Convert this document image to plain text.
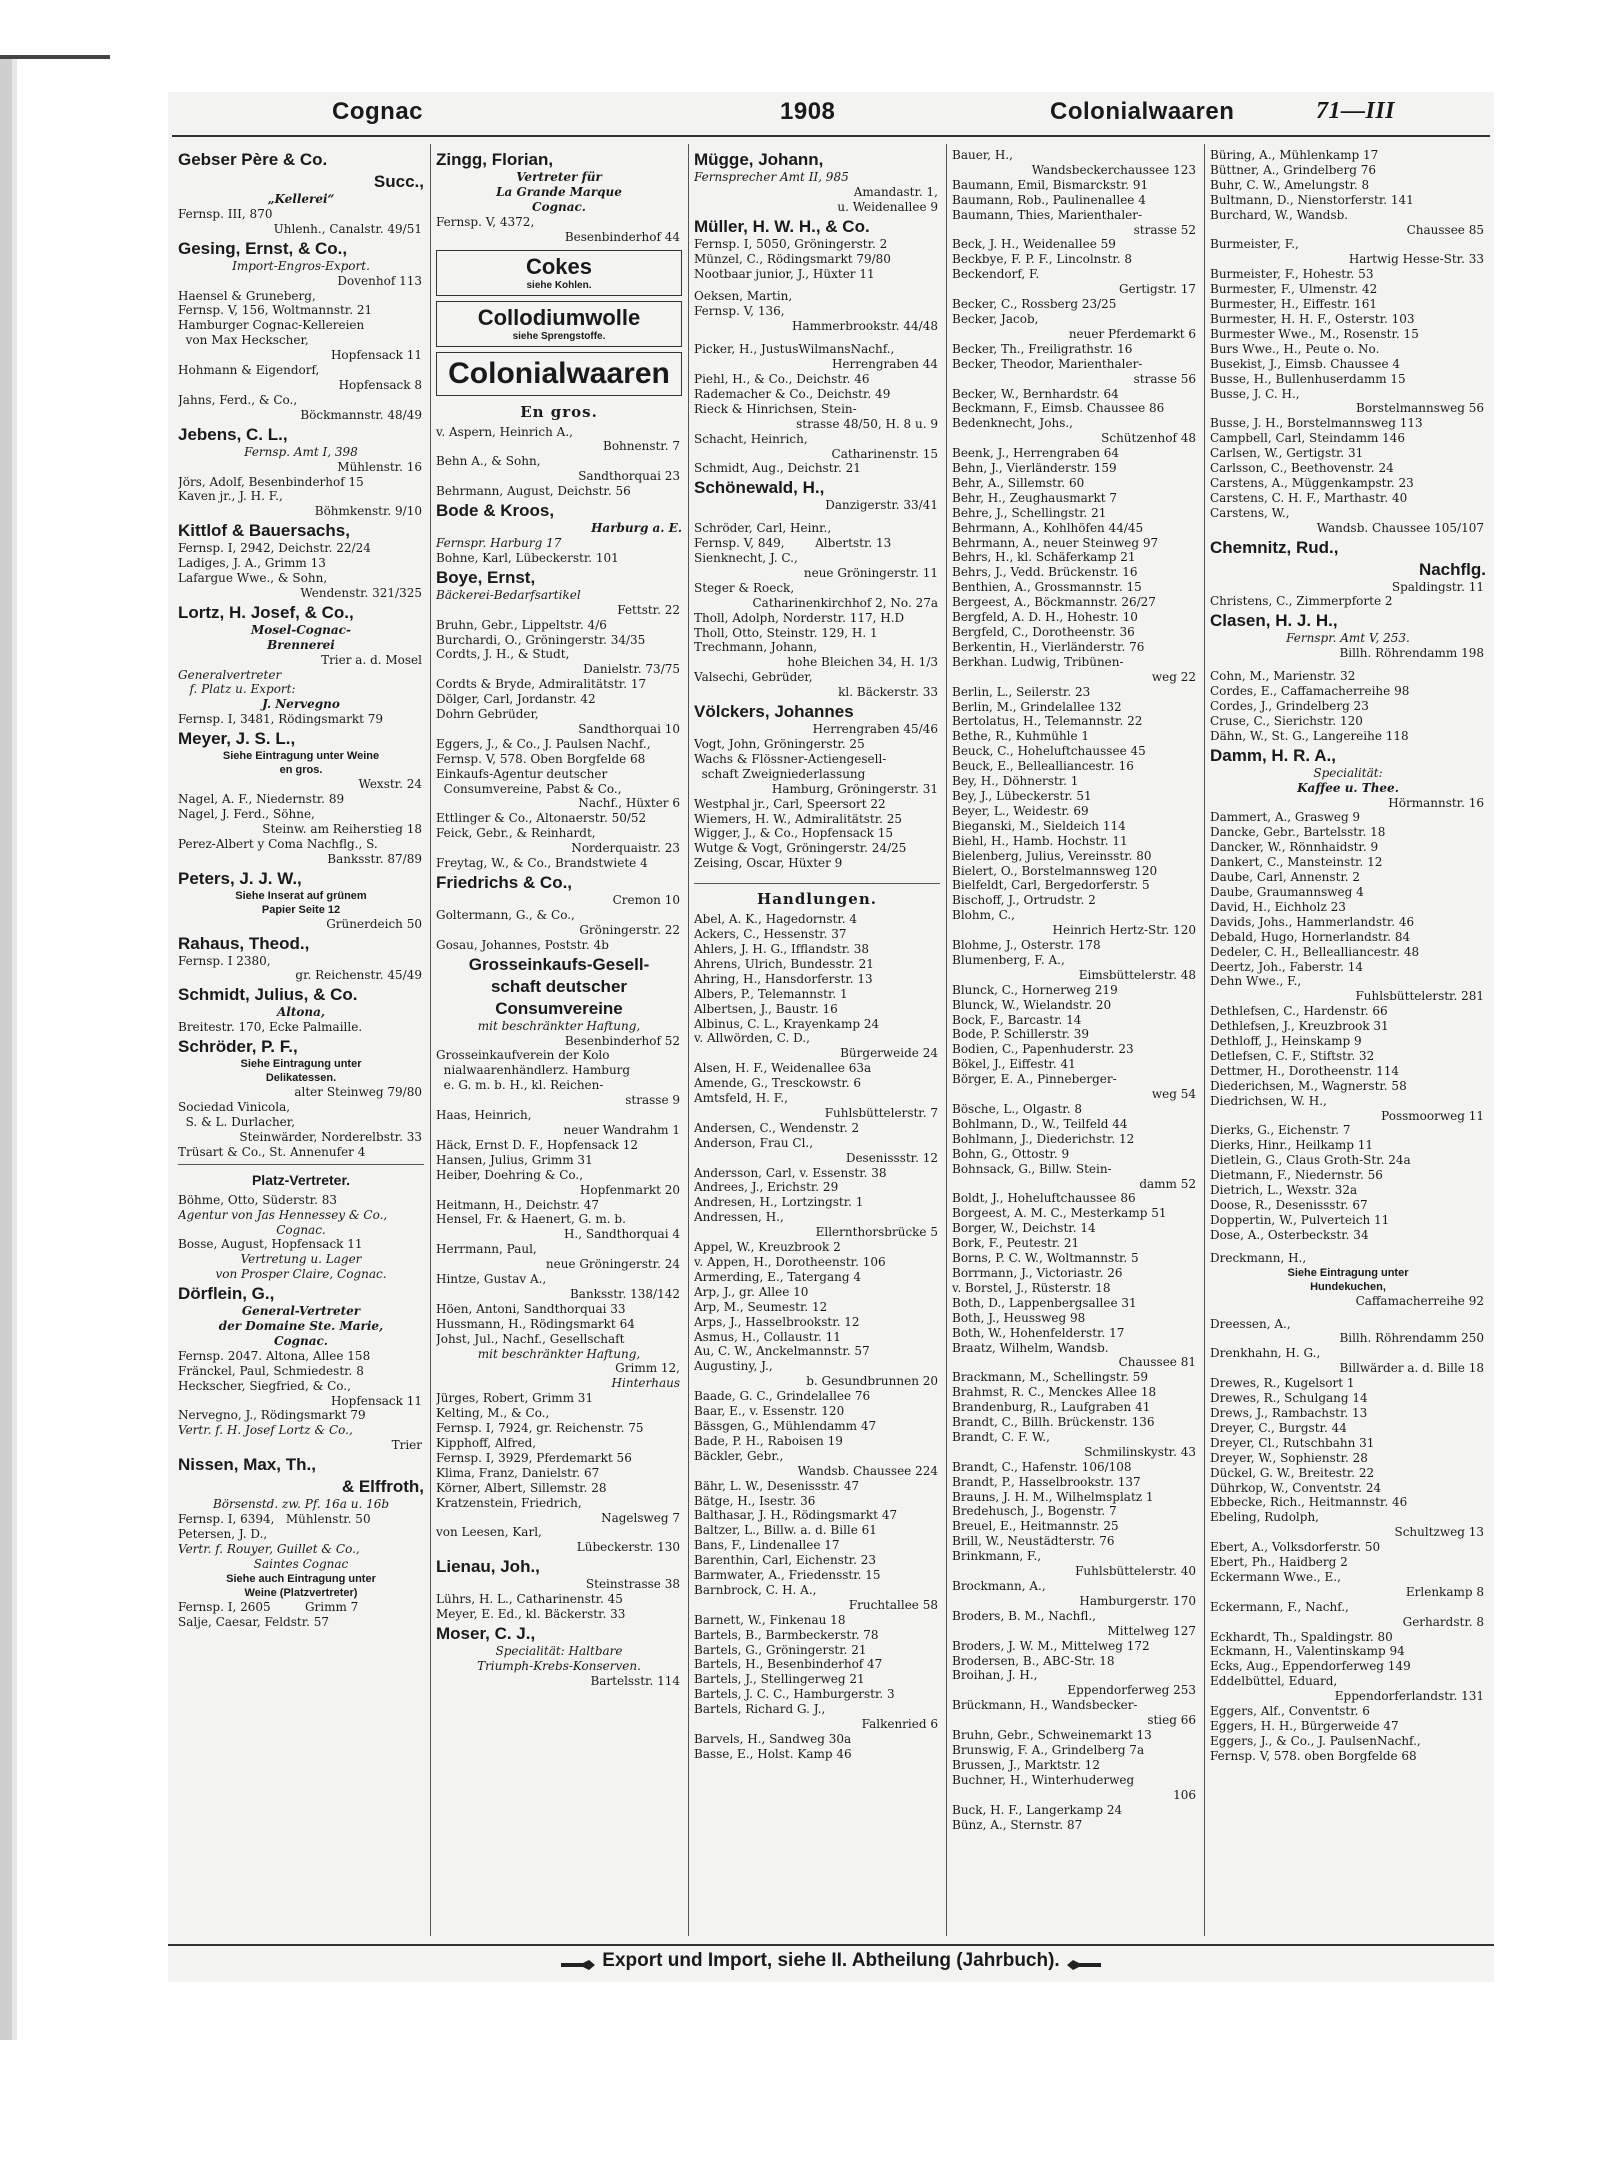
Cognac	1908	Colonialwaaren	71—III
Gebser Père & Co.
Succ.,
„Kellerei“
Fernsp. III, 870
Uhlenh., Canalstr. 49/51
Gesing, Ernst, & Co.,
Import-Engros-Export.
Dovenhof 113
Haensel & Gruneberg,
Fernsp. V, 156, Woltmannstr. 21
Hamburger Cognac-Kellereien
von Max Heckscher,
Hopfensack 11
Hohmann & Eigendorf,
Hopfensack 8
Jahns, Ferd., & Co.,
Böckmannstr. 48/49
Jebens, C. L.,
Fernsp. Amt I, 398
Mühlenstr. 16
Jörs, Adolf, Besenbinderhof 15
Kaven jr., J. H. F.,
Böhmkenstr. 9/10
Kittlof & Bauersachs,
Fernsp. I, 2942, Deichstr. 22/24
Ladiges, J. A., Grimm 13
Lafargue Wwe., & Sohn,
Wendenstr. 321/325
Lortz, H. Josef, & Co.,
Mosel-Cognac-
Brennerei
Trier a. d. Mosel
Generalvertreter
f. Platz u. Export:
J. Nervegno
Fernsp. I, 3481, Rödingsmarkt 79
Meyer, J. S. L.,
Siehe Eintragung unter Weine
en gros.
Wexstr. 24
Nagel, A. F., Niedernstr. 89
Nagel, J. Ferd., Söhne,
Steinw. am Reiherstieg 18
Perez-Albert y Coma Nachflg., S.
Banksstr. 87/89
Peters, J. J. W.,
Siehe Inserat auf grünem
Papier Seite 12
Grünerdeich 50
Rahaus, Theod.,
Fernsp. I 2380,
gr. Reichenstr. 45/49
Schmidt, Julius, & Co.
Altona,
Breitestr. 170, Ecke Palmaille.
Schröder, P. F.,
Siehe Eintragung unter
Delikatessen.
alter Steinweg 79/80
Sociedad Vinicola,
S. & L. Durlacher,
Steinwärder, Norderelbstr. 33
Trüsart & Co., St. Annenufer 4
Platz-Vertreter.
Böhme, Otto, Süderstr. 83
Agentur von Jas Hennessey & Co.,
Cognac.
Bosse, August, Hopfensack 11
Vertretung u. Lager
von Prosper Claire, Cognac.
Dörflein, G.,
General-Vertreter
der Domaine Ste. Marie,
Cognac.
Fernsp. 2047. Altona, Allee 158
Fränckel, Paul, Schmiedestr. 8
Heckscher, Siegfried, & Co.,
Hopfensack 11
Nervegno, J., Rödingsmarkt 79
Vertr. f. H. Josef Lortz & Co.,
Trier
Nissen, Max, Th.,
& Elffroth,
Börsenstd. zw. Pf. 16a u. 16b
Fernsp. I, 6394,   Mühlenstr. 50
Petersen, J. D.,
Vertr. f. Rouyer, Guillet & Co.,
Saintes Cognac
Siehe auch Eintragung unter
Weine (Platzvertreter)
Fernsp. I, 2605         Grimm 7
Salje, Caesar, Feldstr. 57
Zingg, Florian,
Vertreter für
La Grande Marque
Cognac.
Fernsp. V, 4372,
Besenbinderhof 44
Cokes
siehe Kohlen.
Collodiumwolle
siehe Sprengstoffe.
Colonialwaaren
En gros.
v. Aspern, Heinrich A.,
Bohnenstr. 7
Behn A., & Sohn,
Sandthorquai 23
Behrmann, August, Deichstr. 56
Bode & Kroos,
Harburg a. E.
Fernspr. Harburg 17
Bohne, Karl, Lübeckerstr. 101
Boye, Ernst,
Bäckerei-Bedarfsartikel
Fettstr. 22
Bruhn, Gebr., Lippeltstr. 4/6
Burchardi, O., Gröningerstr. 34/35
Cordts, J. H., & Studt,
Danielstr. 73/75
Cordts & Bryde, Admiralitätstr. 17
Dölger, Carl, Jordanstr. 42
Dohrn Gebrüder,
Sandthorquai 10
Eggers, J., & Co., J. Paulsen Nachf.,
Fernsp. V, 578. Oben Borgfelde 68
Einkaufs-Agentur deutscher
Consumvereine, Pabst & Co.,
Nachf., Hüxter 6
Ettlinger & Co., Altonaerstr. 50/52
Feick, Gebr., & Reinhardt,
Norderquaistr. 23
Freytag, W., & Co., Brandstwiete 4
Friedrichs & Co.,
Cremon 10
Goltermann, G., & Co.,
Gröningerstr. 22
Gosau, Johannes, Poststr. 4b
Grosseinkaufs-Gesell-
schaft deutscher
Consumvereine
mit beschränkter Haftung,
Besenbinderhof 52
Grosseinkaufverein der Kolo
nialwaarenhändlerz. Hamburg
e. G. m. b. H., kl. Reichen-
strasse 9
Haas, Heinrich,
neuer Wandrahm 1
Häck, Ernst D. F., Hopfensack 12
Hansen, Julius, Grimm 31
Heiber, Doehring & Co.,
Hopfenmarkt 20
Heitmann, H., Deichstr. 47
Hensel, Fr. & Haenert, G. m. b.
H., Sandthorquai 4
Herrmann, Paul,
neue Gröningerstr. 24
Hintze, Gustav A.,
Banksstr. 138/142
Höen, Antoni, Sandthorquai 33
Hussmann, H., Rödingsmarkt 64
Johst, Jul., Nachf., Gesellschaft
mit beschränkter Haftung,
Grimm 12,
Hinterhaus
Jürges, Robert, Grimm 31
Kelting, M., & Co.,
Fernsp. I, 7924, gr. Reichenstr. 75
Kipphoff, Alfred,
Fernsp. I, 3929, Pferdemarkt 56
Klima, Franz, Danielstr. 67
Körner, Albert, Sillemstr. 28
Kratzenstein, Friedrich,
Nagelsweg 7
von Leesen, Karl,
Lübeckerstr. 130
Lienau, Joh.,
Steinstrasse 38
Lührs, H. L., Catharinenstr. 45
Meyer, E. Ed., kl. Bäckerstr. 33
Moser, C. J.,
Specialität: Haltbare
Triumph-Krebs-Konserven.
Bartelsstr. 114
Mügge, Johann,
Fernsprecher Amt II, 985
Amandastr. 1,
u. Weidenallee 9
Müller, H. W. H., & Co.
Fernsp. I, 5050, Gröningerstr. 2
Münzel, C., Rödingsmarkt 79/80
Nootbaar junior, J., Hüxter 11
Oeksen, Martin,
Fernsp. V, 136,
Hammerbrookstr. 44/48
Picker, H., JustusWilmansNachf.,
Herrengraben 44
Piehl, H., & Co., Deichstr. 46
Rademacher & Co., Deichstr. 49
Rieck & Hinrichsen, Stein-
strasse 48/50, H. 8 u. 9
Schacht, Heinrich,
Catharinenstr. 15
Schmidt, Aug., Deichstr. 21
Schönewald, H.,
Danzigerstr. 33/41
Schröder, Carl, Heinr.,
Fernsp. V, 849,        Albertstr. 13
Sienknecht, J. C.,
neue Gröningerstr. 11
Steger & Roeck,
Catharinenkirchhof 2, No. 27a
Tholl, Adolph, Norderstr. 117, H.D
Tholl, Otto, Steinstr. 129, H. 1
Trechmann, Johann,
hohe Bleichen 34, H. 1/3
Valsechi, Gebrüder,
kl. Bäckerstr. 33
Völckers, Johannes
Herrengraben 45/46
Vogt, John, Gröningerstr. 25
Wachs & Flössner-Actiengesell-
schaft Zweigniederlassung
Hamburg, Gröningerstr. 31
Westphal jr., Carl, Speersort 22
Wiemers, H. W., Admiralitätstr. 25
Wigger, J., & Co., Hopfensack 15
Wutge & Vogt, Gröningerstr. 24/25
Zeising, Oscar, Hüxter 9
Handlungen.
Abel, A. K., Hagedornstr. 4
Ackers, C., Hessenstr. 37
Ahlers, J. H. G., Ifflandstr. 38
Ahrens, Ulrich, Bundesstr. 21
Ahring, H., Hansdorferstr. 13
Albers, P., Telemannstr. 1
Albertsen, J., Baustr. 16
Albinus, C. L., Krayenkamp 24
v. Allwörden, C. D.,
Bürgerweide 24
Alsen, H. F., Weidenallee 63a
Amende, G., Tresckowstr. 6
Amtsfeld, H. F.,
Fuhlsbüttelerstr. 7
Andersen, C., Wendenstr. 2
Anderson, Frau Cl.,
Desenissstr. 12
Andersson, Carl, v. Essenstr. 38
Andrees, J., Erichstr. 29
Andresen, H., Lortzingstr. 1
Andressen, H.,
Ellernthorsbrücke 5
Appel, W., Kreuzbrook 2
v. Appen, H., Dorotheenstr. 106
Armerding, E., Tatergang 4
Arp, J., gr. Allee 10
Arp, M., Seumestr. 12
Arps, J., Hasselbrookstr. 12
Asmus, H., Collaustr. 11
Au, C. W., Anckelmannstr. 57
Augustiny, J.,
b. Gesundbrunnen 20
Baade, G. C., Grindelallee 76
Baar, E., v. Essenstr. 120
Bässgen, G., Mühlendamm 47
Bade, P. H., Raboisen 19
Bäckler, Gebr.,
Wandsb. Chaussee 224
Bähr, L. W., Desenissstr. 47
Bätge, H., Isestr. 36
Balthasar, J. H., Rödingsmarkt 47
Baltzer, L., Billw. a. d. Bille 61
Bans, F., Lindenallee 17
Barenthin, Carl, Eichenstr. 23
Barmwater, A., Friedensstr. 15
Barnbrock, C. H. A.,
Fruchtallee 58
Barnett, W., Finkenau 18
Bartels, B., Barmbeckerstr. 78
Bartels, G., Gröningerstr. 21
Bartels, H., Besenbinderhof 47
Bartels, J., Stellingerweg 21
Bartels, J. C. C., Hamburgerstr. 3
Bartels, Richard G. J.,
Falkenried 6
Barvels, H., Sandweg 30a
Basse, E., Holst. Kamp 46
Bauer, H.,
Wandsbeckerchaussee 123
Baumann, Emil, Bismarckstr. 91
Baumann, Rob., Paulinenallee 4
Baumann, Thies, Marienthaler-
strasse 52
Beck, J. H., Weidenallee 59
Beckbye, F. P. F., Lincolnstr. 8
Beckendorf, F.
Gertigstr. 17
Becker, C., Rossberg 23/25
Becker, Jacob,
neuer Pferdemarkt 6
Becker, Th., Freiligrathstr. 16
Becker, Theodor, Marienthaler-
strasse 56
Becker, W., Bernhardstr. 64
Beckmann, F., Eimsb. Chaussee 86
Bedenknecht, Johs.,
Schützenhof 48
Beenk, J., Herrengraben 64
Behn, J., Vierländerstr. 159
Behr, A., Sillemstr. 60
Behr, H., Zeughausmarkt 7
Behre, J., Schellingstr. 21
Behrmann, A., Kohlhöfen 44/45
Behrmann, A., neuer Steinweg 97
Behrs, H., kl. Schäferkamp 21
Behrs, J., Vedd. Brückenstr. 16
Benthien, A., Grossmannstr. 15
Bergeest, A., Böckmannstr. 26/27
Bergfeld, A. D. H., Hohestr. 10
Bergfeld, C., Dorotheenstr. 36
Berkentin, H., Vierländerstr. 76
Berkhan. Ludwig, Tribünen-
weg 22
Berlin, L., Seilerstr. 23
Berlin, M., Grindelallee 132
Bertolatus, H., Telemannstr. 22
Bethe, R., Kuhmühle 1
Beuck, C., Hoheluftchaussee 45
Beuck, E., Bellealliancestr. 16
Bey, H., Döhnerstr. 1
Bey, J., Lübeckerstr. 51
Beyer, L., Weidestr. 69
Bieganski, M., Sieldeich 114
Biehl, H., Hamb. Hochstr. 11
Bielenberg, Julius, Vereinsstr. 80
Bielert, O., Borstelmannsweg 120
Bielfeldt, Carl, Bergedorferstr. 5
Bischoff, J., Ortrudstr. 2
Blohm, C.,
Heinrich Hertz-Str. 120
Blohme, J., Osterstr. 178
Blumenberg, F. A.,
Eimsbüttelerstr. 48
Blunck, C., Hornerweg 219
Blunck, W., Wielandstr. 20
Bock, F., Barcastr. 14
Bode, P. Schillerstr. 39
Bodien, C., Papenhuderstr. 23
Bökel, J., Eiffestr. 41
Börger, E. A., Pinneberger-
weg 54
Bösche, L., Olgastr. 8
Bohlmann, D., W., Teilfeld 44
Bohlmann, J., Diederichstr. 12
Bohn, G., Ottostr. 9
Bohnsack, G., Billw. Stein-
damm 52
Boldt, J., Hoheluftchaussee 86
Borgeest, A. M. C., Mesterkamp 51
Borger, W., Deichstr. 14
Bork, F., Peutestr. 21
Borns, P. C. W., Woltmannstr. 5
Borrmann, J., Victoriastr. 26
v. Borstel, J., Rüsterstr. 18
Both, D., Lappenbergsallee 31
Both, J., Heussweg 98
Both, W., Hohenfelderstr. 17
Braatz, Wilhelm, Wandsb.
Chaussee 81
Brackmann, M., Schellingstr. 59
Brahmst, R. C., Menckes Allee 18
Brandenburg, R., Laufgraben 41
Brandt, C., Billh. Brückenstr. 136
Brandt, C. F. W.,
Schmilinskystr. 43
Brandt, C., Hafenstr. 106/108
Brandt, P., Hasselbrookstr. 137
Brauns, J. H. M., Wilhelmsplatz 1
Bredehusch, J., Bogenstr. 7
Breuel, E., Heitmannstr. 25
Brill, W., Neustädterstr. 76
Brinkmann, F.,
Fuhlsbüttelerstr. 40
Brockmann, A.,
Hamburgerstr. 170
Broders, B. M., Nachfl.,
Mittelweg 127
Broders, J. W. M., Mittelweg 172
Brodersen, B., ABC-Str. 18
Broihan, J. H.,
Eppendorferweg 253
Brückmann, H., Wandsbecker-
stieg 66
Bruhn, Gebr., Schweinemarkt 13
Brunswig, F. A., Grindelberg 7a
Brussen, J., Marktstr. 12
Buchner, H., Winterhuderweg
106
Buck, H. F., Langerkamp 24
Bünz, A., Sternstr. 87
Büring, A., Mühlenkamp 17
Büttner, A., Grindelberg 76
Buhr, C. W., Amelungstr. 8
Bultmann, D., Nienstorferstr. 141
Burchard, W., Wandsb.
Chaussee 85
Burmeister, F.,
Hartwig Hesse-Str. 33
Burmeister, F., Hohestr. 53
Burmester, F., Ulmenstr. 42
Burmester, H., Eiffestr. 161
Burmester, H. H. F., Osterstr. 103
Burmester Wwe., M., Rosenstr. 15
Burs Wwe., H., Peute o. No.
Busekist, J., Eimsb. Chaussee 4
Busse, H., Bullenhuserdamm 15
Busse, J. C. H.,
Borstelmannsweg 56
Busse, J. H., Borstelmannsweg 113
Campbell, Carl, Steindamm 146
Carlsen, W., Gertigstr. 31
Carlsson, C., Beethovenstr. 24
Carstens, A., Müggenkampstr. 23
Carstens, C. H. F., Marthastr. 40
Carstens, W.,
Wandsb. Chaussee 105/107
Chemnitz, Rud.,
Nachflg.
Spaldingstr. 11
Christens, C., Zimmerpforte 2
Clasen, H. J. H.,
Fernspr. Amt V, 253.
Billh. Röhrendamm 198
Cohn, M., Marienstr. 32
Cordes, E., Caffamacherreihe 98
Cordes, J., Grindelberg 23
Cruse, C., Sierichstr. 120
Dähn, W., St. G., Langereihe 118
Damm, H. R. A.,
Specialität:
Kaffee u. Thee.
Hörmannstr. 16
Dammert, A., Grasweg 9
Dancke, Gebr., Bartelsstr. 18
Dancker, W., Rönnhaidstr. 9
Dankert, C., Mansteinstr. 12
Daube, Carl, Annenstr. 2
Daube, Graumannsweg 4
David, H., Eichholz 23
Davids, Johs., Hammerlandstr. 46
Debald, Hugo, Hornerlandstr. 84
Dedeler, C. H., Bellealliancestr. 48
Deertz, Joh., Faberstr. 14
Dehn Wwe., F.,
Fuhlsbüttelerstr. 281
Dethlefsen, C., Hardenstr. 66
Dethlefsen, J., Kreuzbrook 31
Dethloff, J., Heinskamp 9
Detlefsen, C. F., Stiftstr. 32
Dettmer, H., Dorotheenstr. 114
Diederichsen, M., Wagnerstr. 58
Diedrichsen, W. H.,
Possmoorweg 11
Dierks, G., Eichenstr. 7
Dierks, Hinr., Heilkamp 11
Dietlein, G., Claus Groth-Str. 24a
Dietmann, F., Niedernstr. 56
Dietrich, L., Wexstr. 32a
Doose, R., Desenissstr. 67
Doppertin, W., Pulverteich 11
Dose, A., Osterbeckstr. 34
Dreckmann, H.,
Siehe Eintragung unter
Hundekuchen,
Caffamacherreihe 92
Dreessen, A.,
Billh. Röhrendamm 250
Drenkhahn, H. G.,
Billwärder a. d. Bille 18
Drewes, R., Kugelsort 1
Drewes, R., Schulgang 14
Drews, J., Rambachstr. 13
Dreyer, C., Burgstr. 44
Dreyer, Cl., Rutschbahn 31
Dreyer, W., Sophienstr. 28
Dückel, G. W., Breitestr. 22
Dührkop, W., Conventstr. 24
Ebbecke, Rich., Heitmannstr. 46
Ebeling, Rudolph,
Schultzweg 13
Ebert, A., Volksdorferstr. 50
Ebert, Ph., Haidberg 2
Eckermann Wwe., E.,
Erlenkamp 8
Eckermann, F., Nachf.,
Gerhardstr. 8
Eckhardt, Th., Spaldingstr. 80
Eckmann, H., Valentinskamp 94
Ecks, Aug., Eppendorferweg 149
Eddelbüttel, Eduard,
Eppendorferlandstr. 131
Eggers, Alf., Conventstr. 6
Eggers, H. H., Bürgerweide 47
Eggers, J., & Co., J. PaulsenNachf.,
Fernsp. V, 578. oben Borgfelde 68
Export und Import, siehe II. Abtheilung (Jahrbuch).
